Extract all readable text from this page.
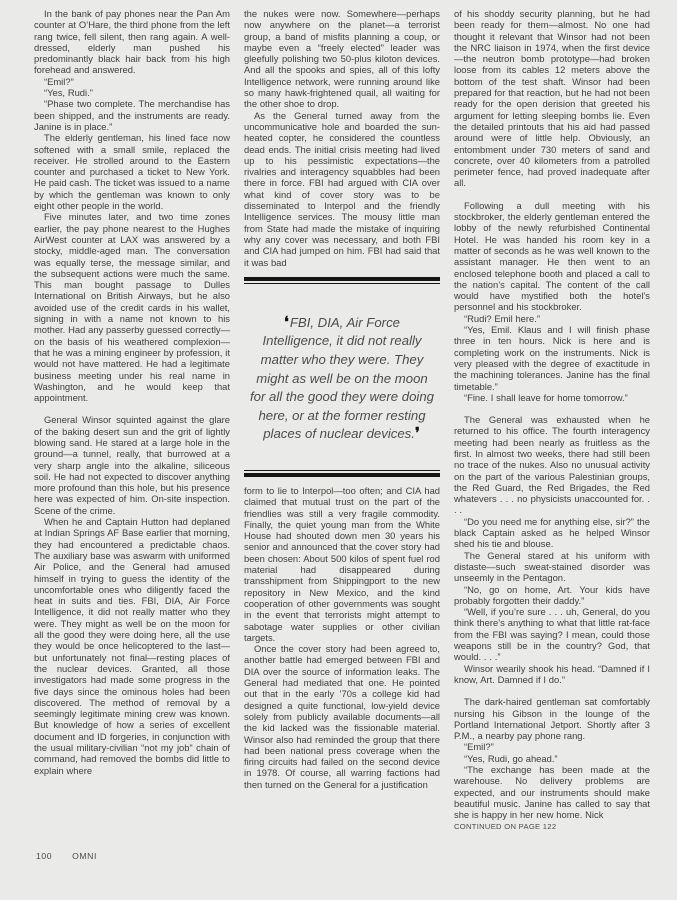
In the bank of pay phones near the Pan Am counter at O’Hare, the third phone from the left rang twice, fell silent, then rang again. A well-dressed, elderly man pushed his predominantly black hair back from his high forehead and answered.

“Emil?”

“Yes, Rudi.”

“Phase two complete. The merchandise has been shipped, and the instruments are ready. Janine is in place.”

The elderly gentleman, his lined face now softened with a small smile, replaced the receiver. He strolled around to the Eastern counter and purchased a ticket to New York. He paid cash. The ticket was issued to a name by which the gentleman was known to only eight other people in the world.

Five minutes later, and two time zones earlier, the pay phone nearest to the Hughes AirWest counter at LAX was answered by a stocky, middle-aged man. The conversation was equally terse, the message similar, and the subsequent actions were much the same. This man bought passage to Dulles International on British Airways, but he also avoided use of the credit cards in his wallet, signing in with a name not known to his mother. Had any passerby guessed correctly—on the basis of his weathered complexion—that he was a mining engineer by profession, it would not have mattered. He had a legitimate business meeting under his real name in Washington, and he would keep that appointment.

General Winsor squinted against the glare of the baking desert sun and the grit of lightly blowing sand. He stared at a large hole in the ground—a tunnel, really, that burrowed at a very sharp angle into the alkaline, siliceous soil. He had not expected to discover anything more profound than this hole, but his presence here was expected of him. On-site inspection. Scene of the crime.

When he and Captain Hutton had deplaned at Indian Springs AF Base earlier that morning, they had encountered a predictable chaos. The auxiliary base was aswarm with uniformed Air Police, and the General had amused himself in trying to guess the identity of the uncomfortable ones who diligently faced the heat in suits and ties. FBI, DIA, Air Force Intelligence, it did not really matter who they were. They might as well be on the moon for all the good they were doing here, all the use they would be once helicoptered to the last—but unfortunately not final—resting places of the nuclear devices. Granted, all those investigators had made some progress in the five days since the ominous holes had been discovered. The method of removal by a seemingly legitimate mining crew was known. But knowledge of how a series of excellent document and ID forgeries, in conjunction with the usual military-civilian “not my job” chain of command, had removed the bombs did little to explain where

the nukes were now. Somewhere—perhaps now anywhere on the planet—a terrorist group, a band of misfits planning a coup, or maybe even a “freely elected” leader was gleefully polishing two 50-plus kiloton devices. And all the spooks and spies, all of this lofty Intelligence network, were running around like so many hawk-frightened quail, all waiting for the other shoe to drop.

As the General turned away from the uncommunicative hole and boarded the sun-heated copter, he considered the countless dead ends. The initial crisis meeting had lived up to his pessimistic expectations—the rivalries and interagency squabbles had been there in force. FBI had argued with CIA over what kind of cover story was to be disseminated to Interpol and the friendly Intelligence services. The mousy little man from State had made the mistake of inquiring why any cover was necessary, and both FBI and CIA had jumped on him. FBI had said that it was bad

❛FBI, DIA, Air Force Intelligence, it did not really matter who they were. They might as well be on the moon for all the good they were doing here, or at the former resting places of nuclear devices.❜

form to lie to Interpol—too often; and CIA had claimed that mutual trust on the part of the friendlies was still a very fragile commodity. Finally, the quiet young man from the White House had shouted down men 30 years his senior and announced that the cover story had been chosen: About 500 kilos of spent fuel rod material had disappeared during transshipment from Shippingport to the new repository in New Mexico, and the kind cooperation of other governments was sought in the event that terrorists might attempt to sabotage water supplies or other civilian targets.

Once the cover story had been agreed to, another battle had emerged between FBI and DIA over the source of information leaks. The General had mediated that one. He pointed out that in the early ’70s a college kid had designed a quite functional, low-yield device solely from publicly available documents—all the kid lacked was the fissionable material. Winsor also had reminded the group that there had been national press coverage when the firing circuits had failed on the second device in 1978. Of course, all warring factions had then turned on the General for a justification

of his shoddy security planning, but he had been ready for them—almost. No one had thought it relevant that Winsor had not been the NRC liaison in 1974, when the first device—the neutron bomb prototype—had broken loose from its cables 12 meters above the bottom of the test shaft. Winsor had been prepared for that reaction, but he had not been ready for the open derision that greeted his argument for letting sleeping bombs lie. Even the detailed printouts that his aid had passed around were of little help. Obviously, an entombment under 730 meters of sand and concrete, over 40 kilometers from a patrolled perimeter fence, had proved inadequate after all.

Following a dull meeting with his stockbroker, the elderly gentleman entered the lobby of the newly refurbished Continental Hotel. He was handed his room key in a matter of seconds as he was well known to the assistant manager. He then went to an enclosed telephone booth and placed a call to the nation’s capital. The content of the call would have mystified both the hotel’s personnel and his stockbroker.

“Rudi? Emil here.”

“Yes, Emil. Klaus and I will finish phase three in ten hours. Nick is here and is completing work on the instruments. Nick is very pleased with the degree of exactitude in the machining tolerances. Janine has the final timetable.”

“Fine. I shall leave for home tomorrow.”

The General was exhausted when he returned to his office. The fourth interagency meeting had been nearly as fruitless as the first. In almost two weeks, there had still been no trace of the nukes. Also no unusual activity on the part of the various Palestinian groups, the Red Guard, the Red Brigades, the Red whatevers . . . no physicists unaccounted for. . . .

“Do you need me for anything else, sir?” the black Captain asked as he helped Winsor shed his tie and blouse.

The General stared at his uniform with distaste—such sweat-stained disorder was unseemly in the Pentagon.

“No, go on home, Art. Your kids have probably forgotten their daddy.”

“Well, if you’re sure . . . uh, General, do you think there’s anything to what that little rat-face from the FBI was saying? I mean, could those weapons still be in the country? God, that would. . . .”

Winsor wearily shook his head. “Damned if I know, Art. Damned if I do.”

The dark-haired gentleman sat comfortably nursing his Gibson in the lounge of the Portland International Jetport. Shortly after 3 P.M., a nearby pay phone rang.

“Emil?”

“Yes, Rudi, go ahead.”

“The exchange has been made at the warehouse. No delivery problems are expected, and our instruments should make beautiful music. Janine has called to say that she is happy in her new home. Nick

CONTINUED ON PAGE 122
100 OMNI
